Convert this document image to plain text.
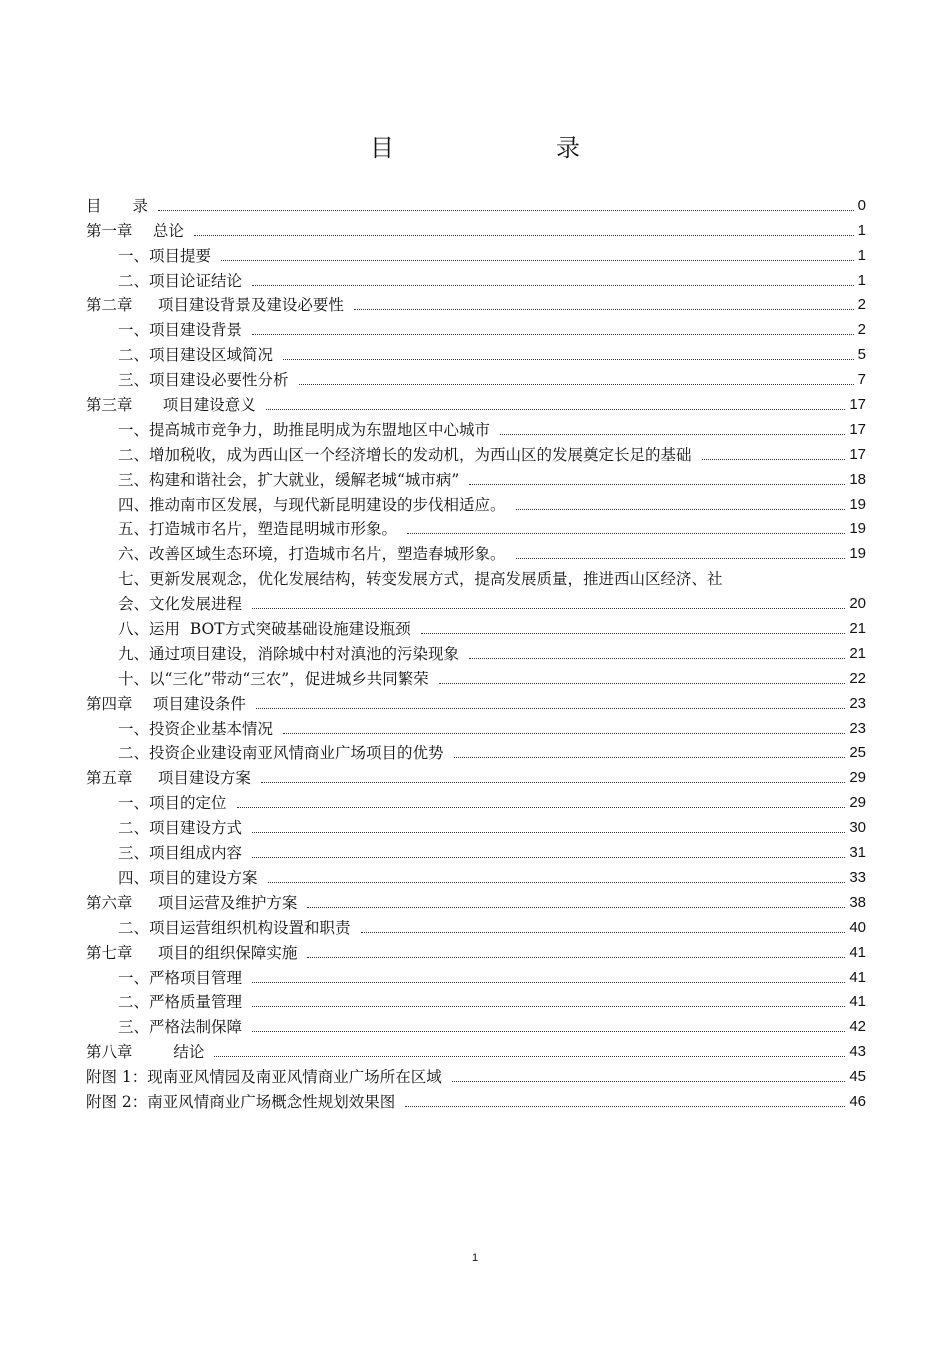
目　　录
目　　录	0
第一章　 总论	1
一、项目提要	1
二、项目论证结论	1
第二章　  项目建设背景及建设必要性	2
一、项目建设背景	2
二、项目建设区域简况	5
三、项目建设必要性分析	7
第三章　   项目建设意义	17
一、提高城市竞争力，助推昆明成为东盟地区中心城市	17
二、增加税收，成为西山区一个经济增长的发动机，为西山区的发展奠定长足的基础	17
三、构建和谐社会，扩大就业，缓解老城“城市病”	18
四、推动南市区发展，与现代新昆明建设的步伐相适应。	19
五、打造城市名片，塑造昆明城市形象。	19
六、改善区域生态环境，打造城市名片，塑造春城形象。	19
七、更新发展观念，优化发展结构，转变发展方式，提高发展质量，推进西山区经济、社
会、文化发展进程	20
八、运用  BOT方式突破基础设施建设瓶颈	21
九、通过项目建设，消除城中村对滇池的污染现象	21
十、以“三化”带动“三农”，促进城乡共同繁荣	22
第四章　 项目建设条件	23
一、投资企业基本情况	23
二、投资企业建设南亚风情商业广场项目的优势	25
第五章　  项目建设方案	29
一、项目的定位	29
二、项目建设方式	30
三、项目组成内容	31
四、项目的建设方案	33
第六章　  项目运营及维护方案	38
二、项目运营组织机构设置和职责	40
第七章　  项目的组织保障实施	41
一、严格项目管理	41
二、严格质量管理	41
三、严格法制保障	42
第八章　　  结论	43
附图 1：现南亚风情园及南亚风情商业广场所在区域	45
附图 2：南亚风情商业广场概念性规划效果图	46
1
